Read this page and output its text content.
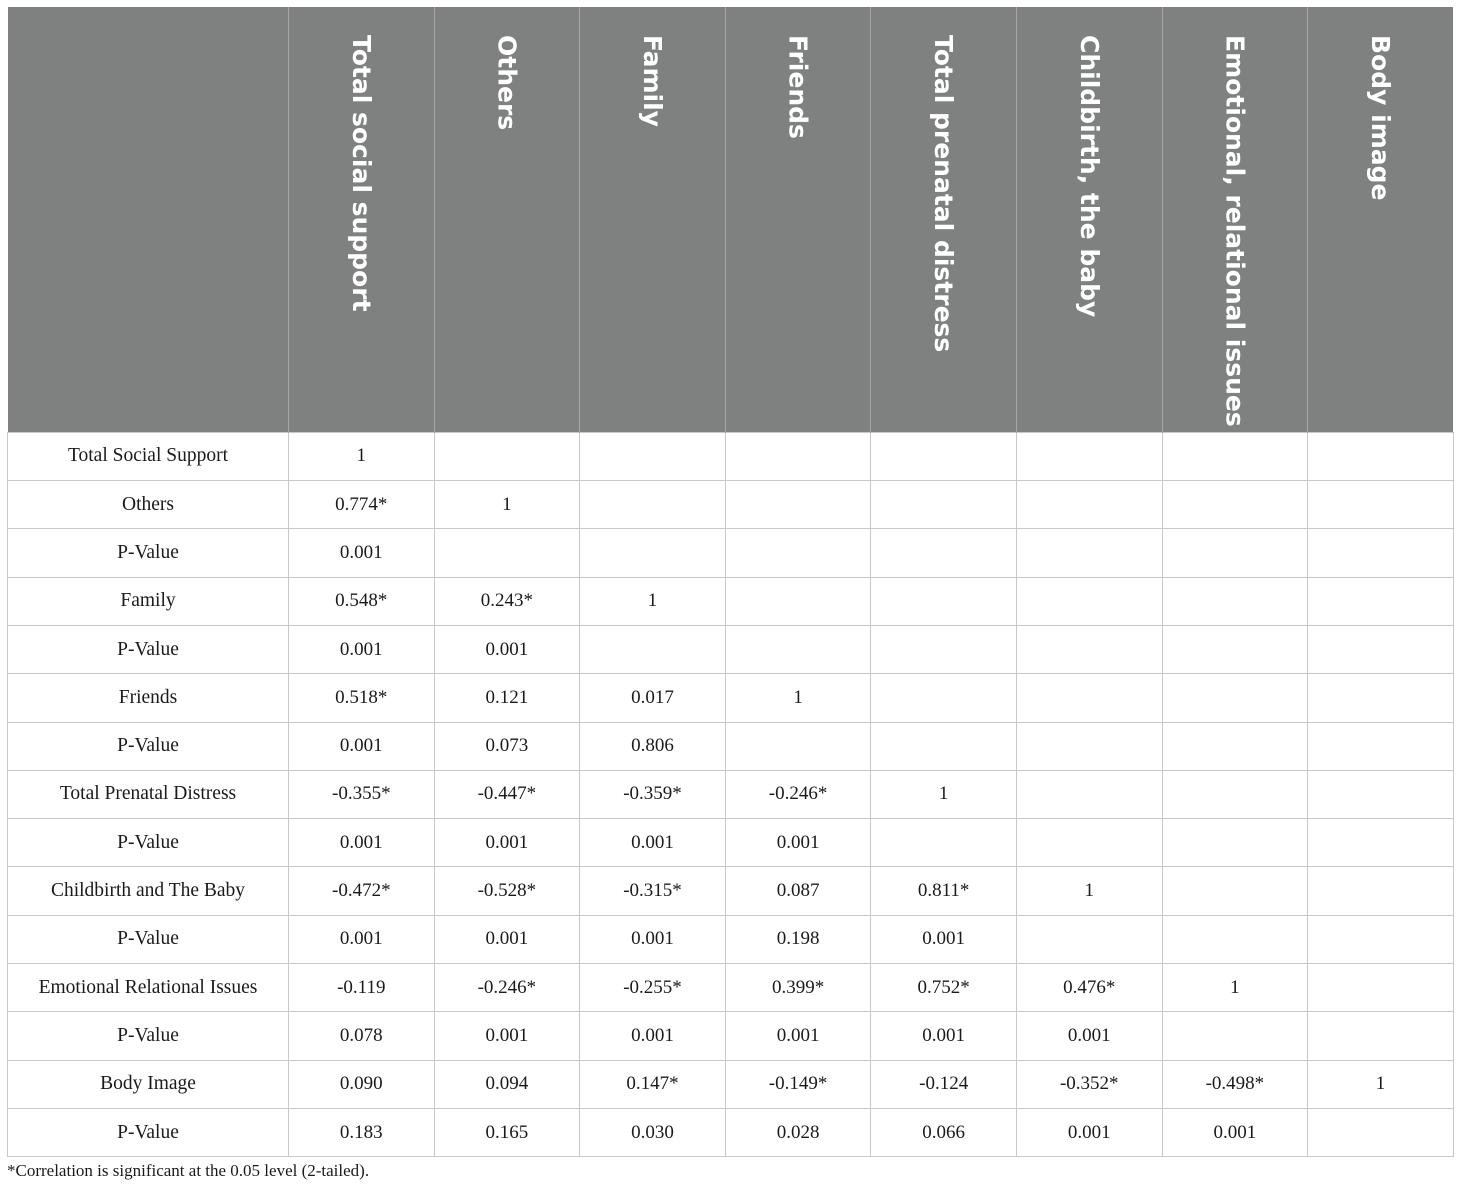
	Total social support	Others	Family	Friends	Total prenatal distress	Childbirth, the baby	Emotional, relational issues	Body image
Total Social Support	1							
Others	0.774*	1						
P-Value	0.001							
Family	0.548*	0.243*	1					
P-Value	0.001	0.001						
Friends	0.518*	0.121	0.017	1				
P-Value	0.001	0.073	0.806					
Total Prenatal Distress	-0.355*	-0.447*	-0.359*	-0.246*	1			
P-Value	0.001	0.001	0.001	0.001				
Childbirth and The Baby	-0.472*	-0.528*	-0.315*	0.087	0.811*	1		
P-Value	0.001	0.001	0.001	0.198	0.001			
Emotional Relational Issues	-0.119	-0.246*	-0.255*	0.399*	0.752*	0.476*	1	
P-Value	0.078	0.001	0.001	0.001	0.001	0.001		
Body Image	0.090	0.094	0.147*	-0.149*	-0.124	-0.352*	-0.498*	1
P-Value	0.183	0.165	0.030	0.028	0.066	0.001	0.001	
*Correlation is significant at the 0.05 level (2-tailed).
